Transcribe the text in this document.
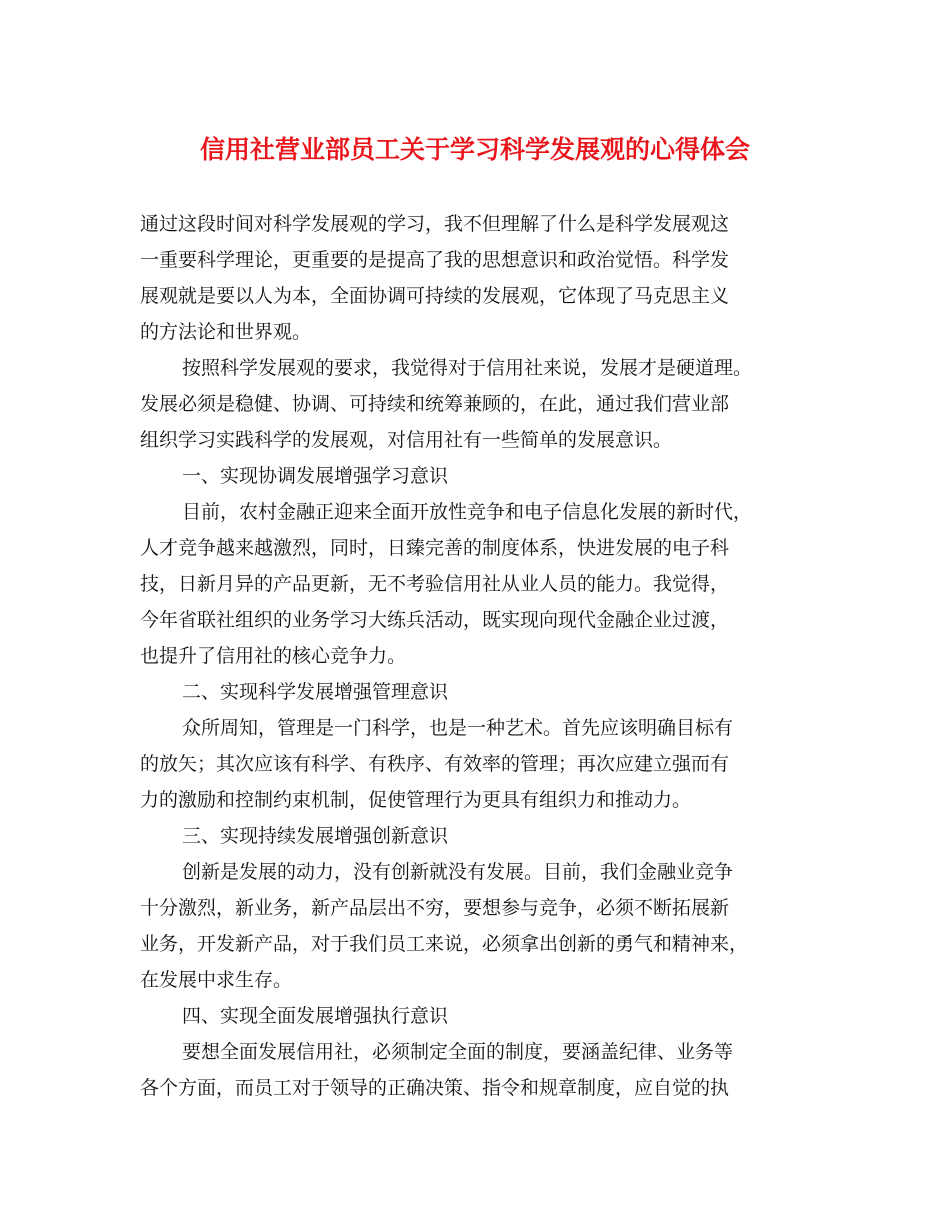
信用社营业部员工关于学习科学发展观的心得体会
通过这段时间对科学发展观的学习，我不但理解了什么是科学发展观这
一重要科学理论，更重要的是提高了我的思想意识和政治觉悟。科学发
展观就是要以人为本，全面协调可持续的发展观，它体现了马克思主义
的方法论和世界观。
按照科学发展观的要求，我觉得对于信用社来说，发展才是硬道理。
发展必须是稳健、协调、可持续和统筹兼顾的，在此，通过我们营业部
组织学习实践科学的发展观，对信用社有一些简单的发展意识。
一、实现协调发展增强学习意识
目前，农村金融正迎来全面开放性竞争和电子信息化发展的新时代，
人才竞争越来越激烈，同时，日臻完善的制度体系，快进发展的电子科
技，日新月异的产品更新，无不考验信用社从业人员的能力。我觉得，
今年省联社组织的业务学习大练兵活动，既实现向现代金融企业过渡，
也提升了信用社的核心竞争力。
二、实现科学发展增强管理意识
众所周知，管理是一门科学，也是一种艺术。首先应该明确目标有
的放矢；其次应该有科学、有秩序、有效率的管理；再次应建立强而有
力的激励和控制约束机制，促使管理行为更具有组织力和推动力。
三、实现持续发展增强创新意识
创新是发展的动力，没有创新就没有发展。目前，我们金融业竞争
十分激烈，新业务，新产品层出不穷，要想参与竞争，必须不断拓展新
业务，开发新产品，对于我们员工来说，必须拿出创新的勇气和精神来，
在发展中求生存。
四、实现全面发展增强执行意识
要想全面发展信用社，必须制定全面的制度，要涵盖纪律、业务等
各个方面，而员工对于领导的正确决策、指令和规章制度，应自觉的执
